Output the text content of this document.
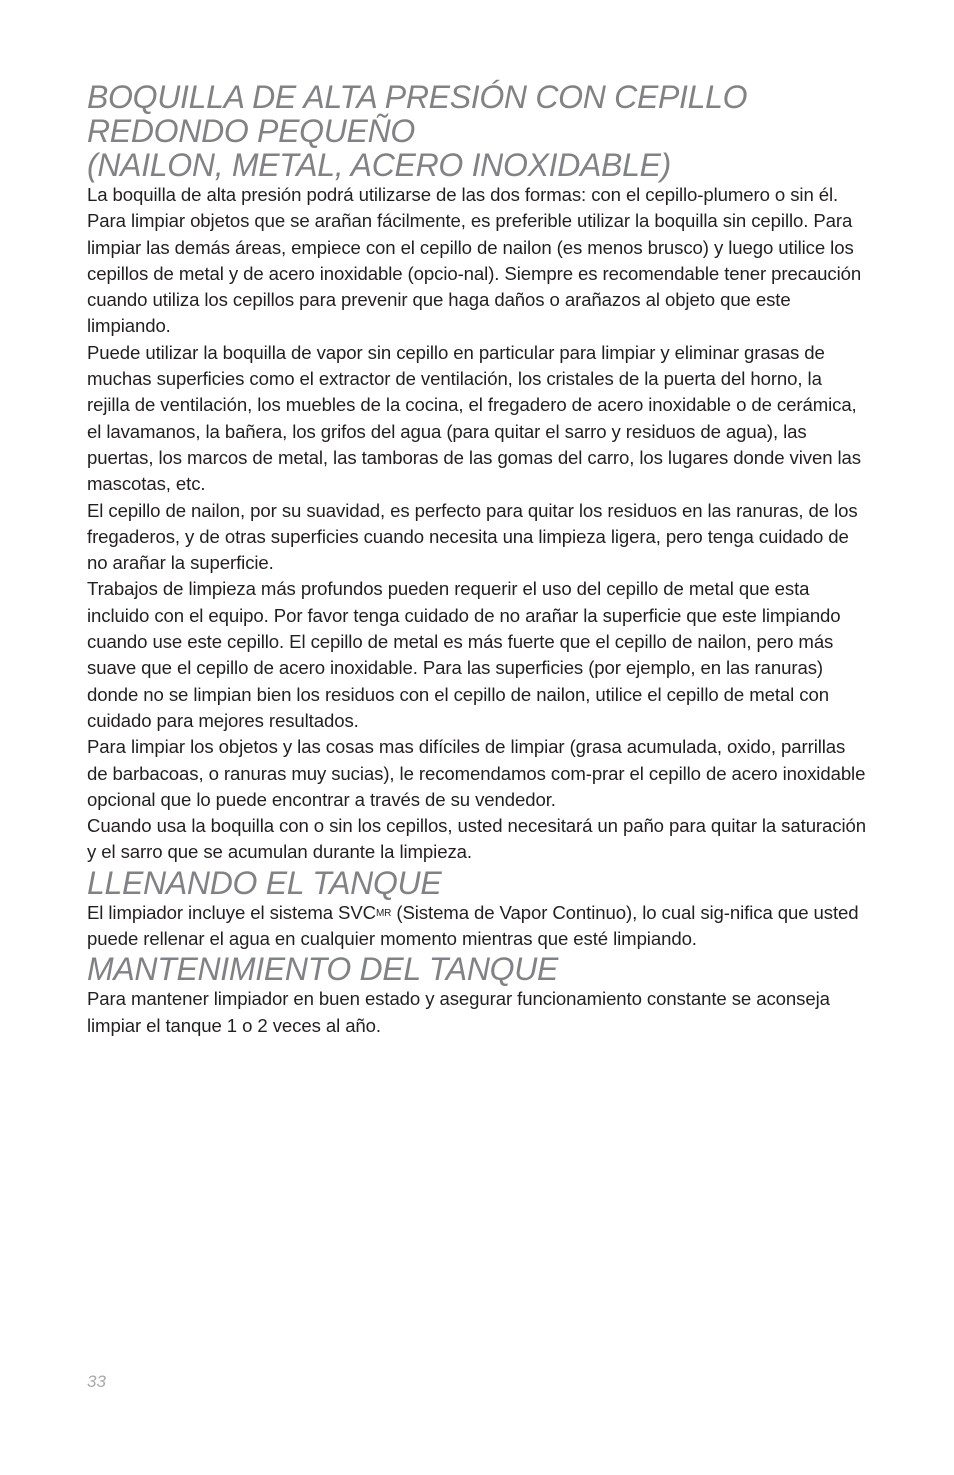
BOQUILLA DE ALTA PRESIÓN CON CEPILLO
REDONDO PEQUEÑO
(NAILON, METAL, ACERO INOXIDABLE)

La boquilla de alta presión podrá utilizarse de las dos formas: con el cepillo-plumero o sin él.

Para limpiar objetos que se arañan fácilmente, es preferible utilizar la boquilla sin cepillo. Para limpiar las demás áreas, empiece con el cepillo de nailon (es menos brusco) y luego utilice los cepillos de metal y de acero inoxidable (opcio-nal). Siempre es recomendable tener precaución cuando utiliza los cepillos para prevenir que haga daños o arañazos al objeto que este limpiando.

Puede utilizar la boquilla de vapor sin cepillo en particular para limpiar y eliminar grasas de muchas superficies como el extractor de ventilación, los cristales de la puerta del horno, la rejilla de ventilación, los muebles de la cocina, el fregadero de acero inoxidable o de cerámica, el lavamanos, la bañera, los grifos del agua (para quitar el sarro y residuos de agua), las puertas, los marcos de metal, las tamboras de las gomas del carro, los lugares donde viven las mascotas, etc.

El cepillo de nailon, por su suavidad, es perfecto para quitar los residuos en las ranuras, de los fregaderos, y de otras superficies cuando necesita una limpieza ligera, pero tenga cuidado de no arañar la superficie.

Trabajos de limpieza más profundos pueden requerir el uso del cepillo de metal que esta incluido con el equipo. Por favor tenga cuidado de no arañar la superficie que este limpiando cuando use este cepillo. El cepillo de metal es más fuerte que el cepillo de nailon, pero más suave que el cepillo de acero inoxidable. Para las superficies (por ejemplo, en las ranuras) donde no se limpian bien los residuos con el cepillo de nailon, utilice el cepillo de metal con cuidado para mejores resultados.

Para limpiar los objetos y las cosas mas difíciles de limpiar (grasa acumulada, oxido, parrillas de barbacoas, o ranuras muy sucias), le recomendamos com-prar el cepillo de acero inoxidable opcional que lo puede encontrar a través de su vendedor.

Cuando usa la boquilla con o sin los cepillos, usted necesitará un paño para quitar la saturación y el sarro que se acumulan durante la limpieza.

LLENANDO EL TANQUE

El limpiador incluye el sistema $SVC^{MR}$ (Sistema de Vapor Continuo), lo cual sig-nifica que usted puede rellenar el agua en cualquier momento mientras que esté limpiando.

MANTENIMIENTO DEL TANQUE

Para mantener limpiador en buen estado y asegurar funcionamiento constante se aconseja limpiar el tanque 1 o 2 veces al año.

33
